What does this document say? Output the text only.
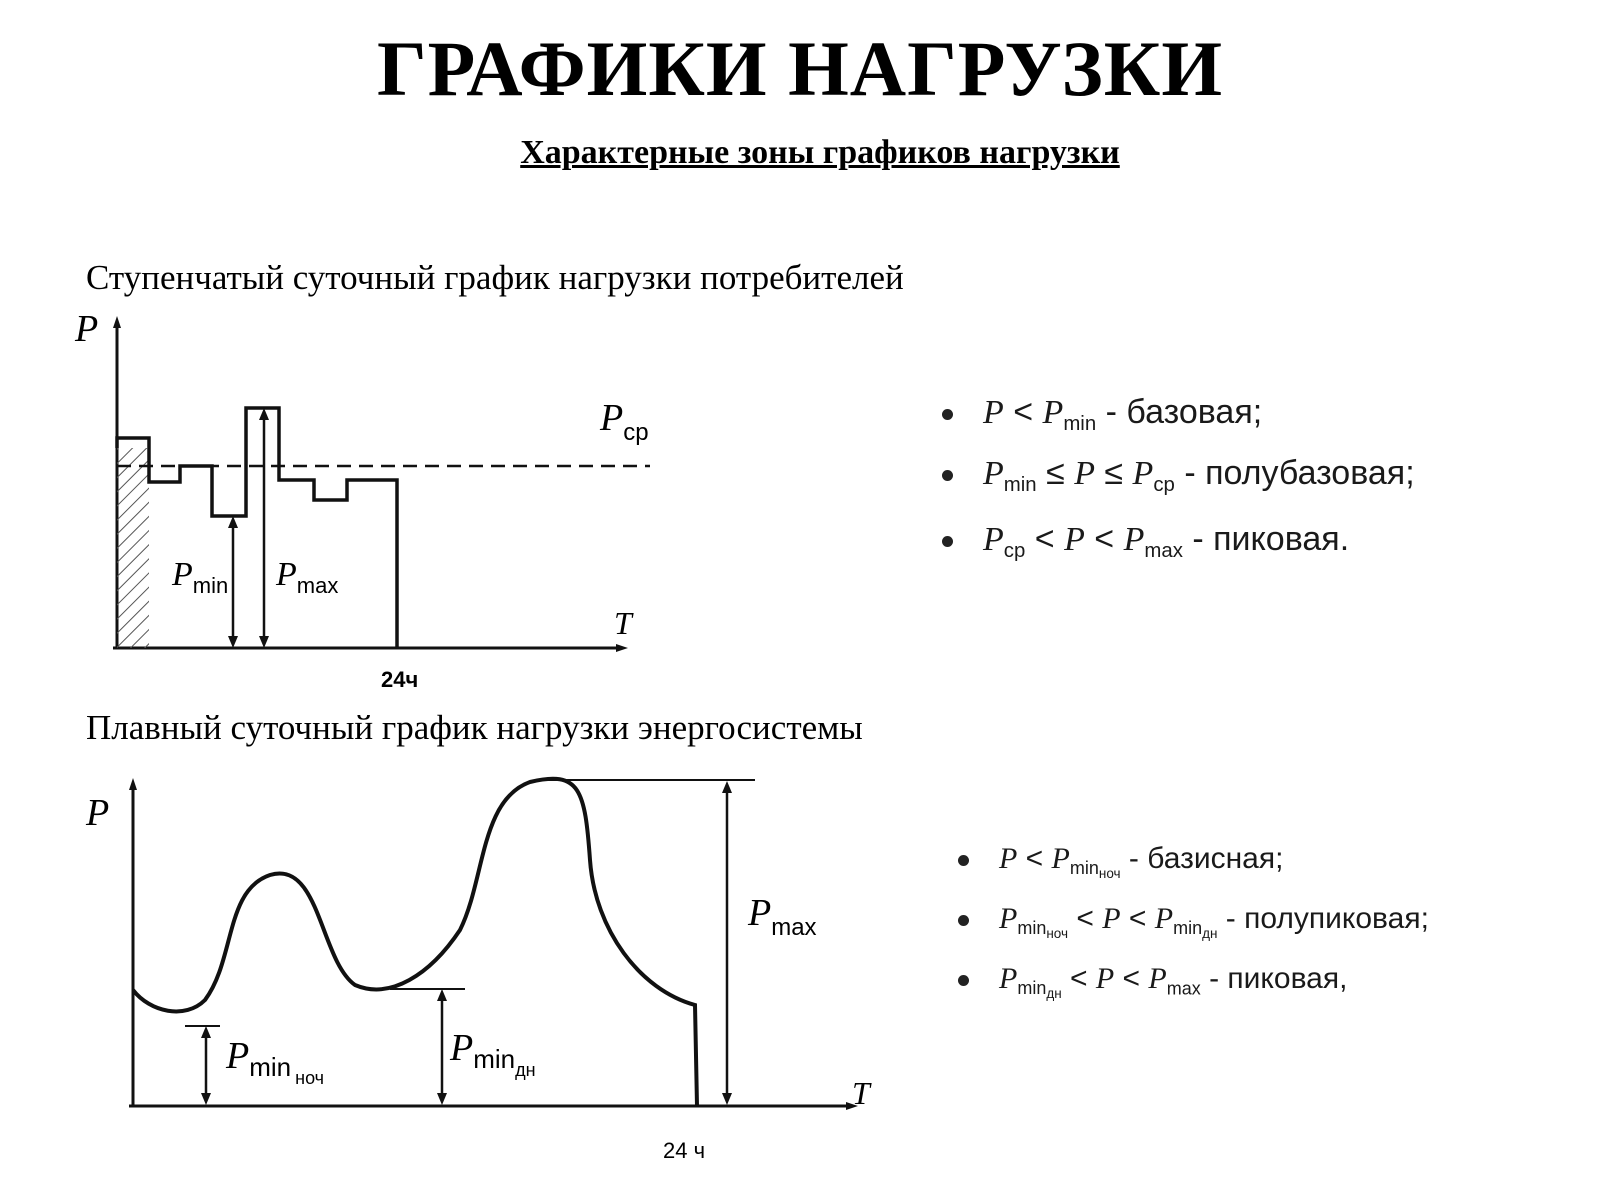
ГРАФИКИ НАГРУЗКИ
Характерные зоны графиков нагрузки
Ступенчатый суточный график нагрузки потребителей
Плавный суточный график нагрузки энергосистемы
P
T
24ч
$P_{ср}$
$P_{min}$ $P_{max}$
P
T
24 ч
$P_{max}$
$P_{min}$ $_{ноч}$
$P_{minдн}$
$P < P_{min}$ - базовая;
$P_{min} \le P \le P_{ср}$ - полубазовая;
$P_{ср} < P < P_{max}$ - пиковая.
$P < P_{min_{ноч}}$ - базисная;
$P_{min_{ноч}} < P < P_{min_{дн}}$ - полупиковая;
$P_{min_{дн}} < P < P_{max}$ - пиковая,
